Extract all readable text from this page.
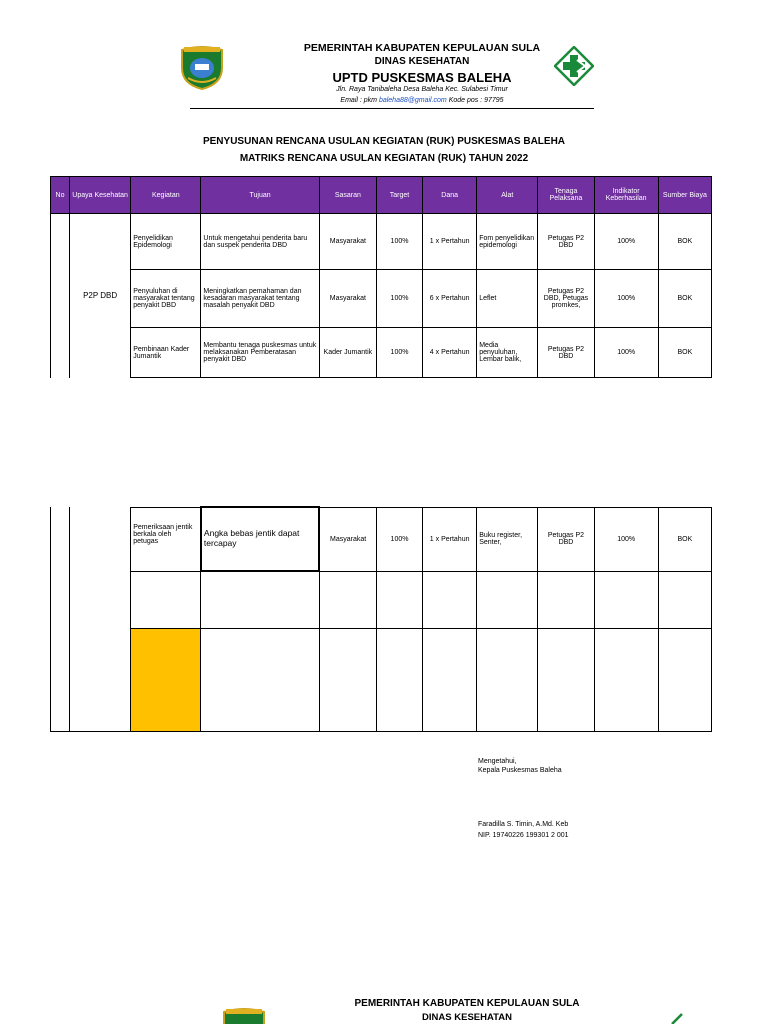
PEMERINTAH KABUPATEN KEPULAUAN SULA
DINAS KESEHATAN
UPTD PUSKESMAS BALEHA
Jln. Raya Tanibaleha Desa Baleha Kec. Sulabesi Timur
Email : pkm baleha88@gmail.com Kode pos : 97795
PENYUSUNAN RENCANA USULAN KEGIATAN (RUK) PUSKESMAS BALEHA
MATRIKS RENCANA USULAN KEGIATAN (RUK) TAHUN 2022
No	Upaya Kesehatan	Kegiatan	Tujuan	Sasaran	Target	Dana	Alat	Tenaga Pelaksana	Indikator Keberhasilan	Sumber Biaya
	P2P DBD	Penyelidikan Epidemologi	Untuk mengetahui penderita baru dan suspek penderita DBD	Masyarakat	100%	1 x Pertahun	Fom penyelidikan epidemologi	Petugas P2 DBD	100%	BOK
		Penyuluhan di masyarakat tentang penyakit DBD	Meningkatkan pemahaman dan kesadaran masyarakat tentang masalah penyakit DBD	Masyarakat	100%	6 x Pertahun	Leflet	Petugas P2 DBD, Petugas promkes,	100%	BOK
		Pembinaan Kader Jumantik	Membantu tenaga puskesmas untuk melaksanakan Pemberatasan penyakit DBD	Kader Jumantik	100%	4 x Pertahun	Media penyuluhan, Lembar balik,	Petugas P2 DBD	100%	BOK
		Pemeriksaan jentik berkala oleh petugas	Angka bebas jentik dapat tercapay	Masyarakat	100%	1 x Pertahun	Buku register, Senter,	Petugas P2 DBD	100%	BOK

Mengetahui,
Kepala Puskesmas Baleha
Faradilla S. Timin, A.Md. Keb
NIP. 19740226 199301 2 001
PEMERINTAH KABUPATEN KEPULAUAN SULA
DINAS KESEHATAN
